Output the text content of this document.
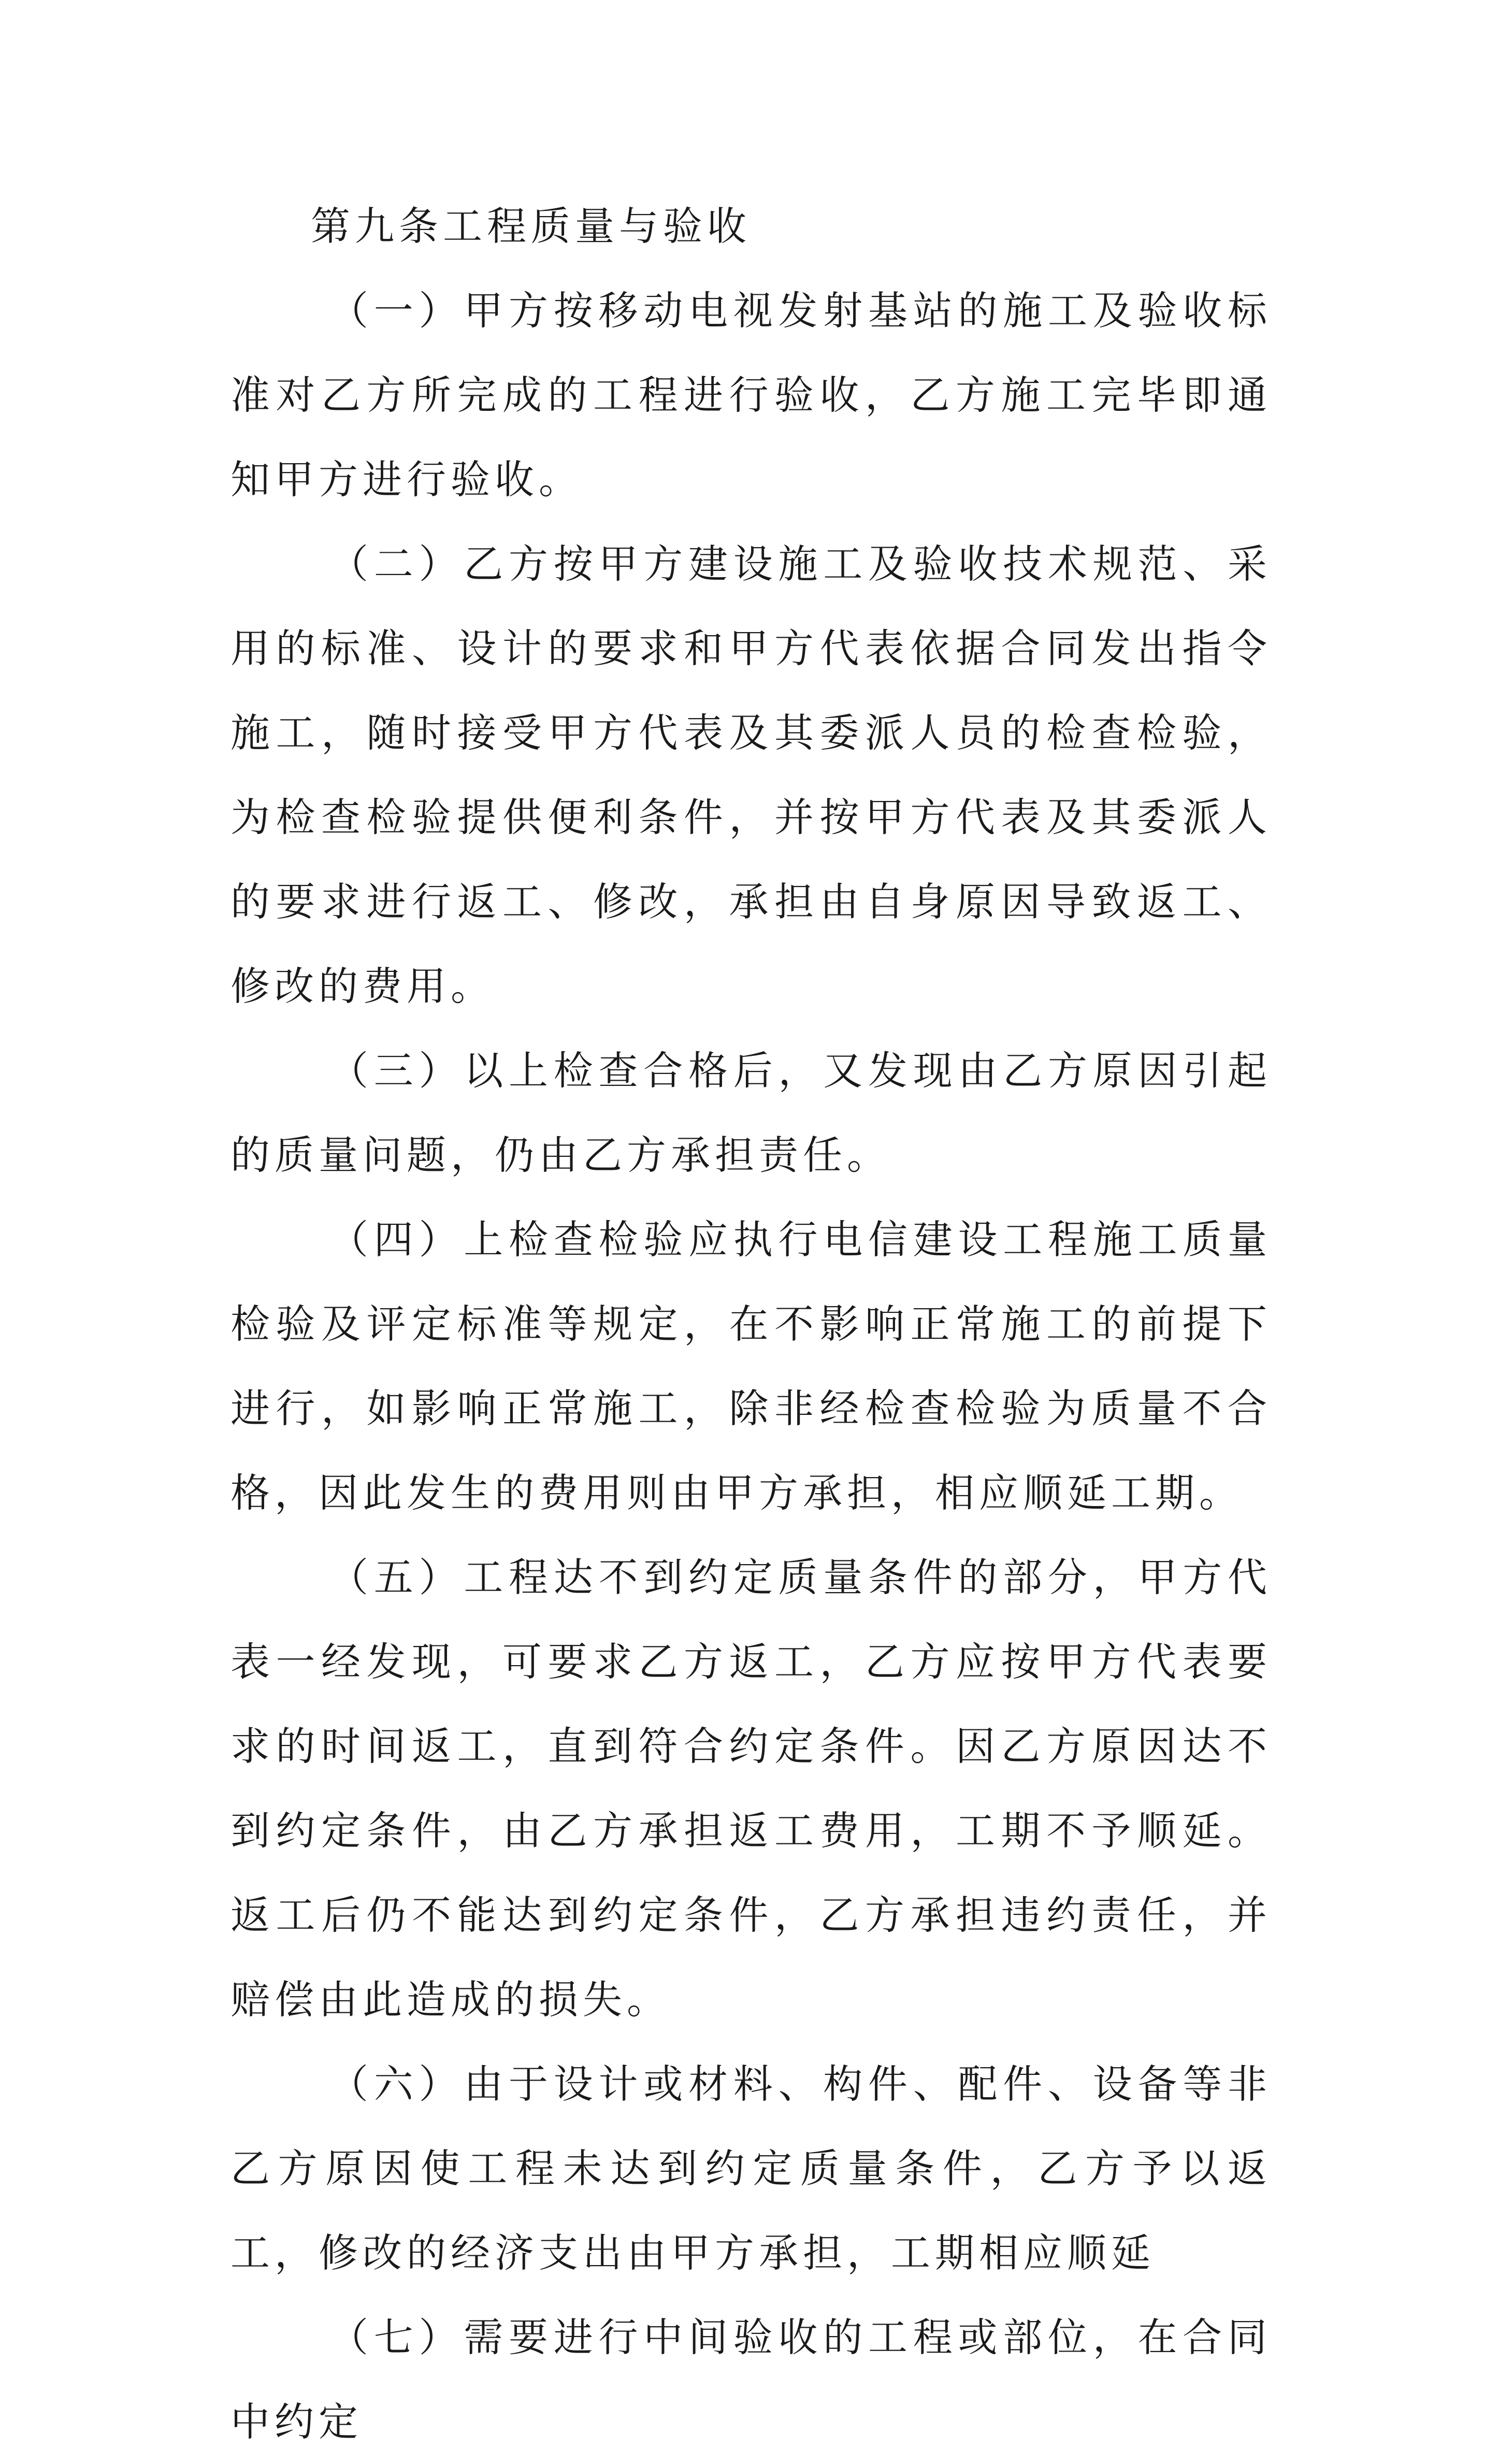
第九条工程质量与验收

（一）甲方按移动电视发射基站的施工及验收标准对乙方所完成的工程进行验收，乙方施工完毕即通知甲方进行验收。

（二）乙方按甲方建设施工及验收技术规范、采用的标准、设计的要求和甲方代表依据合同发出指令施工，随时接受甲方代表及其委派人员的检查检验，为检查检验提供便利条件，并按甲方代表及其委派人的要求进行返工、修改，承担由自身原因导致返工、修改的费用。

（三）以上检查合格后，又发现由乙方原因引起的质量问题，仍由乙方承担责任。

（四）上检查检验应执行电信建设工程施工质量检验及评定标准等规定，在不影响正常施工的前提下进行，如影响正常施工，除非经检查检验为质量不合格，因此发生的费用则由甲方承担，相应顺延工期。

（五）工程达不到约定质量条件的部分，甲方代表一经发现，可要求乙方返工，乙方应按甲方代表要求的时间返工，直到符合约定条件。因乙方原因达不到约定条件，由乙方承担返工费用，工期不予顺延。返工后仍不能达到约定条件，乙方承担违约责任，并赔偿由此造成的损失。

（六）由于设计或材料、构件、配件、设备等非乙方原因使工程未达到约定质量条件，乙方予以返工，修改的经济支出由甲方承担，工期相应顺延

（七）需要进行中间验收的工程或部位，在合同中约定
